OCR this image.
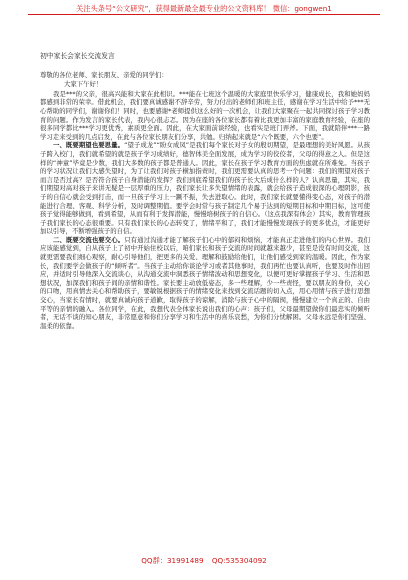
关注头条号“公文研究”，获得最新最全最专业的公文资料库！ 微信：gongwen1

初中家长会家长交流发言

尊敬的各位老师、家长朋友、亲爱的同学们：

大家下午好！

我是***的父亲，很高兴能和大家在此相识。***能在七班这个温暖的大家庭里快乐学习，健康成长，我和她妈妈都感到非常的荣幸。借此机会，我们要真诚感谢不辞辛劳，努力付出的老师们和班主任，感谢在学习生活中给予***无心帮助的同学们，谢谢你们！同时，也要感谢*老师提供这么好的一次机会，让我们大家聚在一起共同探讨孩子学习教育的问题。作为发言的家长代表，我内心很忐忑。因为在座的各位家长都有着比我更加丰富的家庭教育经验，在座的很多同学都比***学习更优秀，素质更全面。因此，在大家面前谈经验，也看实是班门弄斧。下面，我就陪伴***一路学习走来受到的几点启发，在此与各位家长朋友们分享，共勉。归纳起来就是“六个既要，六个也要”。

一、既要期望也要思量。“望子成龙”“盼女成凤”是我们每个家长对子女的殷切期望，是最理想的美好风愿。从孩子跨入校门，我们就希望的就是孩子学习成绩好，德智体美全面发展，成为学习的佼佼者，父母的得意之人。但是这样的“神童”毕竟是少数，我们大多数的孩子都是普通人。因此，家长在孩子学习教育方面的焦虑就在所难免。当孩子的学习状况让我们大感失望时，为了让我们对孩子横加指责时，我们更需要认真的思考一个问题：我们的期望对孩子而言是否过高？是否符合孩子自身潜能的发挥？我们到底希望我们的孩子长大后成什么样的人？认真思量，其实，我们期望对高对孩子来讲无疑是一层厚重的压力，我们家长让多失望情绪的表露，就会给孩子造成很深的心理阴影，孩子的自信心就会受到打击，而一旦孩子学习上一蹶不振，失去进取心。此时，我们家长就要懂得变心态，对孩子的潜能进行合理、客观、科学分析，及时调整期值。要学会时常与孩子制定几个易于达到的短期目标和中期目标，这可使孩子觉得能够做到，看到希望，从而有利于发挥潜能，慢慢培树孩子的自信心。（这点我深有体会）其实，教育管理孩子我们家长的心态很重要。只有我们家长的心态转变了，情绪平和了，我们才能慢慢发现孩子的更多优点，才能更好加以引导，不断增强孩子的自信。

二、既要交流也要交心。只有通过沟通才能了解孩子们心中的郁闷和烦恼，才能真正走进他们的内心世界。我们应该能感觉到，自从孩子上了初中开始住校以后，咱们家长和孩子交流的时间就越来越少，甚至是没有时间交流，这就更需要我们细心观察，耐心引导他们，把更多的关爱、理解和鼓励给他们，让他们感受到家的温暖。因此，作为家长，我们要学会做孩子的“倾听者”。当孩子主动给你谈论学习或者其他事时，我们再忙也要认真听，也要及时作出回应，并适时引导他深入交流谈心，从沟通交流中洞悉孩子情绪波动和思想变化，以便可更好掌握孩子学习、生活和思想状况，加深我们和孩子间的亲情和谐性。家长要主动放低姿态，多一些理解，少一些责怪，要以朋友的身份，关心的口吻，用真情去关心和帮助孩子，要敏锐根据孩子的情绪变化来找到交流话题的切入点，用心用情与孩子进行思想交心，当家长有情时，就要真诚向孩子道歉，取得孩子的谅解，消除与孩子心中的隔阂，慢慢建立一个真正的、自由平等的亲情的融入。各位同学，在此，我想代表全体家长说出我们的心声：孩子们，父母最期望做你们最忠实的倾听者，无话不谈的知心朋友，非常愿意和你们分享学习和生活中的喜乐哀愁，为你们分忧解困。父母永远是你们坚强、温柔的依靠。

QQ群：31991489 QQ:535304092
